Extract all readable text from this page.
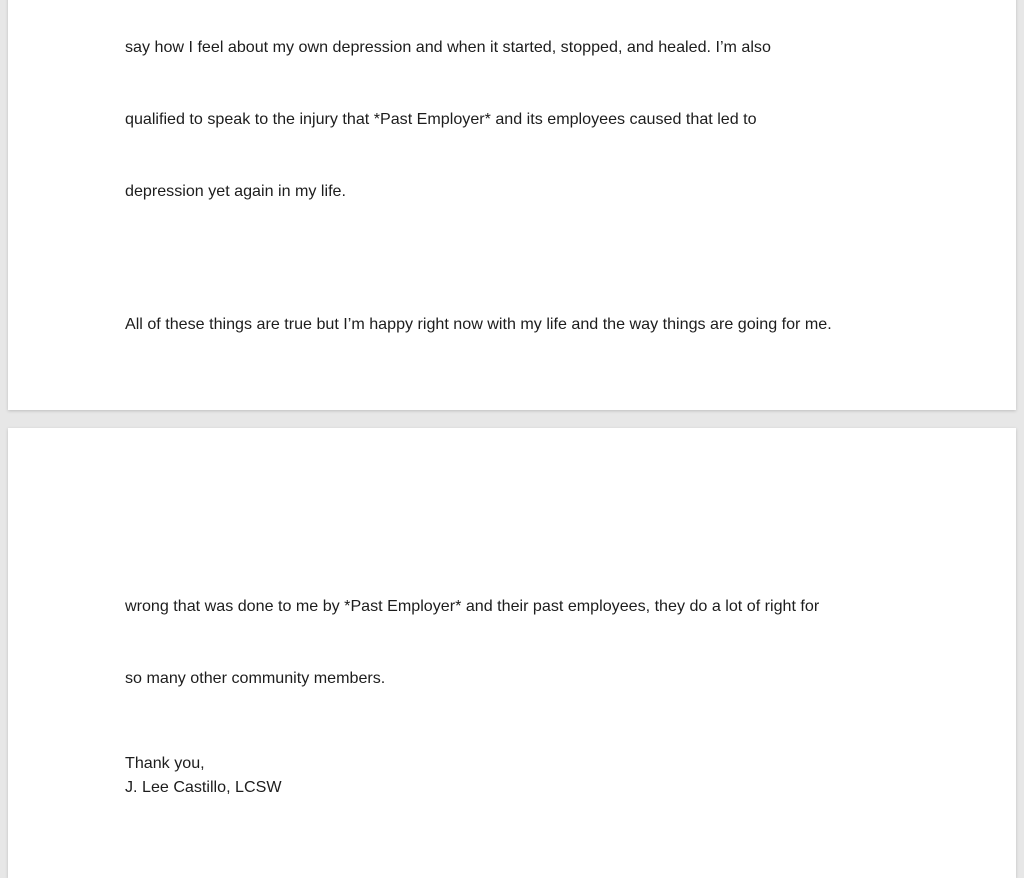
say how I feel about my own depression and when it started, stopped, and healed. I’m also

qualified to speak to the injury that *Past Employer* and its employees caused that led to

depression yet again in my life.

All of these things are true but I’m happy right now with my life and the way things are going for me.

wrong that was done to me by *Past Employer* and their past employees, they do a lot of right for

so many other community members.

Thank you,

J. Lee Castillo, LCSW
